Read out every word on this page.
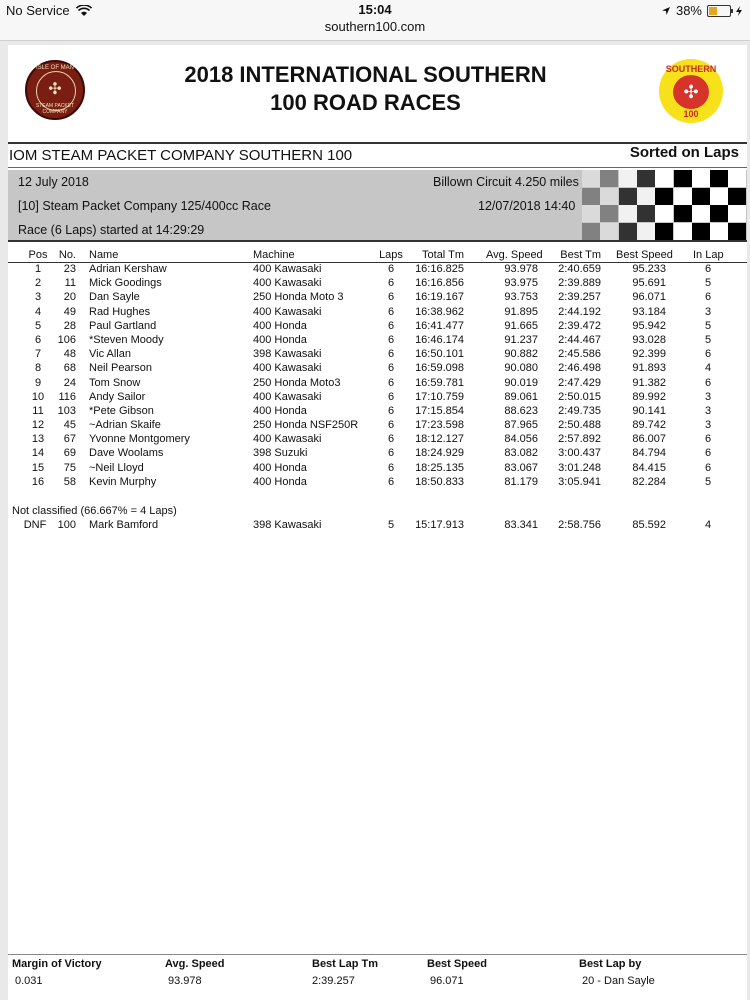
No Service	15:04
southern100.com
38%
ISLE OF MAN
✣
STEAM PACKET COMPANY
2018 INTERNATIONAL SOUTHERN
100 ROAD RACES
SOUTHERN
✣
100
IOM STEAM PACKET COMPANY SOUTHERN 100	Sorted on Laps
12 July 2018	Billown Circuit 4.250 miles
[10] Steam Packet Company 125/400cc Race	12/07/2018 14:40
Race (6 Laps) started at 14:29:29
Pos	No. Name	Machine	Laps	Total Tm Avg. Speed	Best Tm Best Speed In Lap
1	23 Adrian Kershaw	400 Kawasaki	6	16:16.825	93.978	2:40.659	95.233	6
2	11 Mick Goodings	400 Kawasaki	6	16:16.856	93.975	2:39.889	95.691	5
3	20 Dan Sayle	250 Honda Moto 3	6	16:19.167	93.753	2:39.257	96.071	6
4	49 Rad Hughes	400 Kawasaki	6	16:38.962	91.895	2:44.192	93.184	3
5	28 Paul Gartland	400 Honda	6	16:41.477	91.665	2:39.472	95.942	5
6	106 *Steven Moody	400 Honda	6	16:46.174	91.237	2:44.467	93.028	5
7	48 Vic Allan	398 Kawasaki	6	16:50.101	90.882	2:45.586	92.399	6
8	68 Neil Pearson	400 Kawasaki	6	16:59.098	90.080	2:46.498	91.893	4
9	24 Tom Snow	250 Honda Moto3	6	16:59.781	90.019	2:47.429	91.382	6
10	116 Andy Sailor	400 Kawasaki	6	17:10.759	89.061	2:50.015	89.992	3
11	103 *Pete Gibson	400 Honda	6	17:15.854	88.623	2:49.735	90.141	3
12	45 ~Adrian Skaife	250 Honda NSF250R	6	17:23.598	87.965	2:50.488	89.742	3
13	67 Yvonne Montgomery	400 Kawasaki	6	18:12.127	84.056	2:57.892	86.007	6
14	69 Dave Woolams	398 Suzuki	6	18:24.929	83.082	3:00.437	84.794	6
15	75 ~Neil Lloyd	400 Honda	6	18:25.135	83.067	3:01.248	84.415	6
16	58 Kevin Murphy	400 Honda	6	18:50.833	81.179	3:05.941	82.284	5
Not classified (66.667% = 4 Laps)
DNF	100 Mark Bamford	398 Kawasaki	5	15:17.913	83.341	2:58.756	85.592	4
Margin of Victory	Avg. Speed	Best Lap Tm	Best Speed	Best Lap by
0.031	93.978	2:39.257	96.071	20 - Dan Sayle
